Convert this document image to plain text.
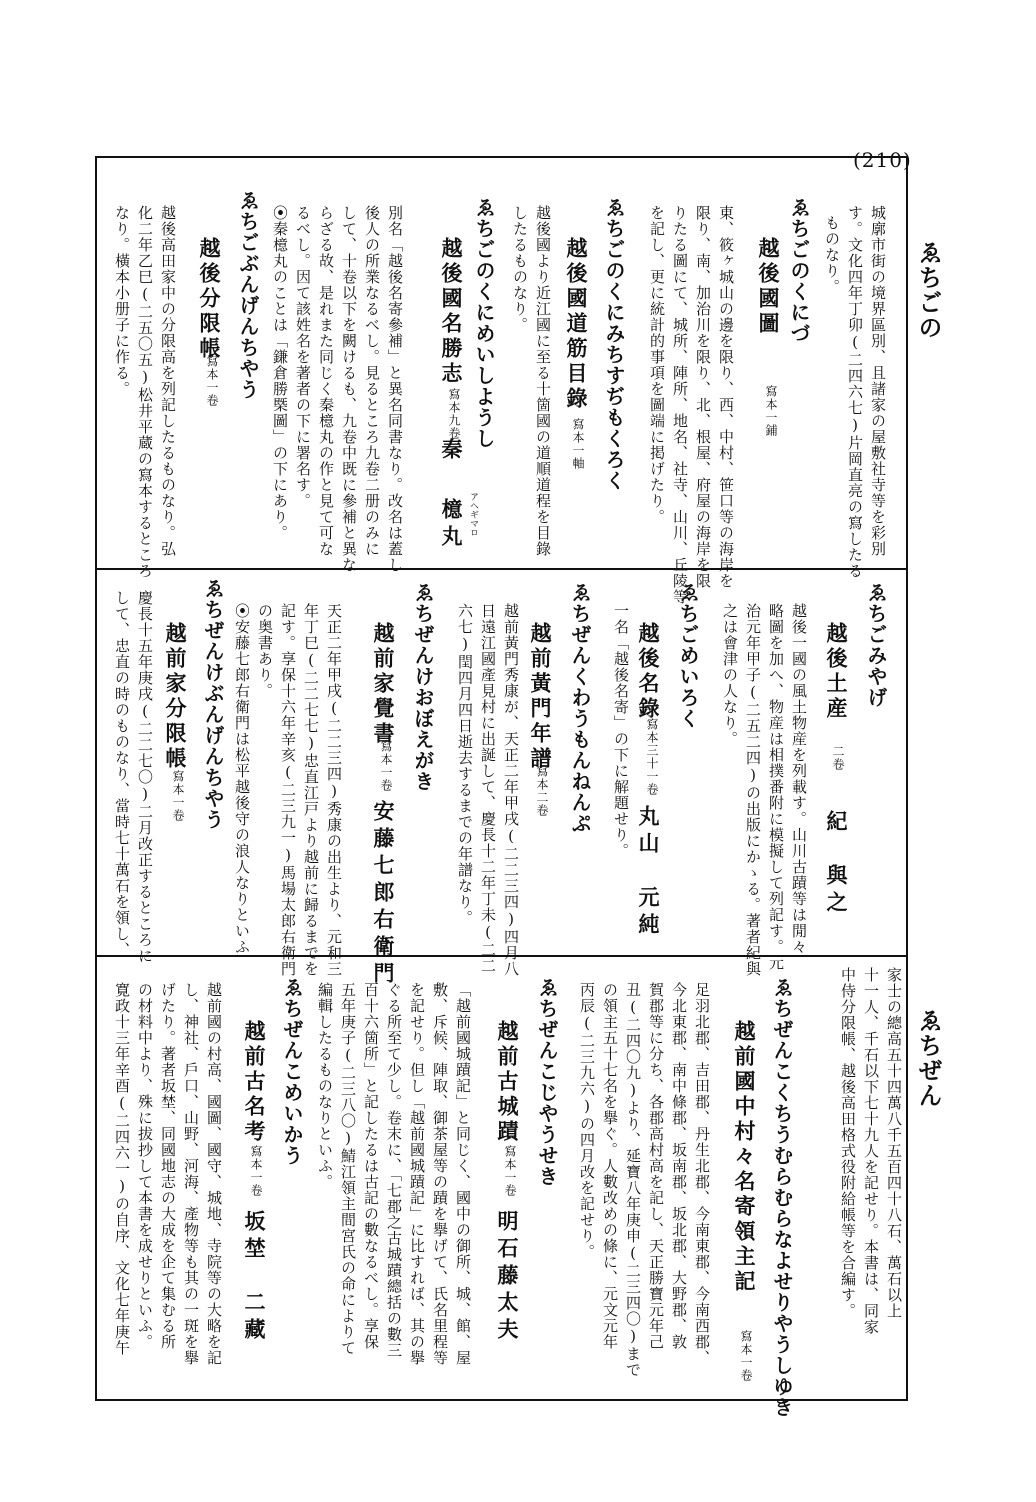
(210)
ゑちごの
ゑちぜん
城廓市街の境界區別、且諸家の屋敷社寺等を彩別
す。文化四年丁卯(二四六七)片岡直亮の寫したる
ものなり。
ゑちごのくにづ
越後國圖
寫本一鋪
東、筱ヶ城山の邊を限り、西、中村、笹口等の海岸を
限り、南、加治川を限り、北、根屋、府屋の海岸を限
りたる圖にて、城所、陣所、地名、社寺、山川、丘陵等
を記し、更に統計的事項を圖端に掲げたり。
ゑちごのくにみちすぢもくろく
越後國道筋目錄
寫本一軸
越後國より近江國に至る十箇國の道順道程を目錄
したるものなり。
ゑちごのくにめいしようし
越後國名勝志
寫本九卷
秦
檍丸 アヘギマロ
別名「越後名寄參補」と異名同書なり。改名は蓋し
後人の所業なるべし。見るところ九卷二册のみに
して、十卷以下を闕けるも、九卷中既に參補と異な
らざる故、是れまた同じく秦檍丸の作と見て可な
るべし。因て該姓名を著者の下に署名す。
⦿秦檍丸のことは「鎌倉勝槩圖」の下にあり。
ゑちごぶんげんちやう
越後分限帳
寫本一卷
越後高田家中の分限高を列記したるものなり。弘
化二年乙巳(二五〇五)松井平蔵の寫本するところ
なり。橫本小册子に作る。
ゑちごみやげ
越後土産
二卷
紀　與之
越後一國の風土物産を列載す。山川古蹟等は閒々
略圖を加へ、物産は相撲番附に模擬して列記す。元
治元年甲子(二五二四)の出版にかゝる。著者紀與
之は會津の人なり。
ゑちごめいろく
越後名錄
寫本三十一卷
丸山　元純
一名「越後名寄」の下に解題せり。
ゑちぜんくわうもんねんぷ
越前黃門年譜
寫本二卷
越前黃門秀康が、天正二年甲戌(二二三四)四月八
日遠江國產見村に出誕して、慶長十二年丁未(二二
六七)閏四月四日逝去するまでの年譜なり。
ゑちぜんけおぼえがき
越前家覺書
寫本一卷
安藤七郎右衛門
天正二年甲戌(二二三四)秀康の出生より、元和三
年丁巳(二二七七)忠直江戸より越前に歸るまでを
記す。享保十六年辛亥(二三九一)馬場太郎右衛門
の奥書あり。
⦿安藤七郎右衛門は松平越後守の浪人なりといふ
ゑちぜんけぶんげんちやう
越前家分限帳
寫本一卷
慶長十五年庚戌(二二七〇)二月改正するところに
して、忠直の時のものなり、當時七十萬石を領し、
家士の總高五十四萬八千五百四十八石、萬石以上
十一人、千石以下七十九人を記せり。本書は、同家
中侍分限帳、越後高田格式役附給帳等を合編す。
ゑちぜんこくちうむらむらなよせりやうしゆき
越前國中村々名寄領主記
寫本一卷
足羽北郡、吉田郡、丹生北郡、今南東郡、今南西郡、
今北東郡、南中條郡、坂南郡、坂北郡、大野郡、敦
賀郡等に分ち、各郡高村高を記し、天正勝寶元年己
丑(二四〇九)より、延寶八年庚申(二三四〇)まで
の領主五十七名を擧ぐ。人數改めの條に、元文元年
丙辰(二三九六)の四月改を記せり。
ゑちぜんこじやうせき
越前古城蹟
寫本一卷
明石藤太夫
「越前國城蹟記」と同じく、國中の御所、城、館、屋
敷、斥候、陣取、御茶屋等の蹟を擧げて、氏名里程等
を記せり。但し「越前國城蹟記」に比すれば、其の擧
ぐる所至て少し。卷末に、「七郡之古城蹟總括の數三
百十六箇所」と記したるは古記の數なるべし。享保
五年庚子(二三八〇)鯖江領主間宮氏の命によりて
編輯したるものなりといふ。
ゑちぜんこめいかう
越前古名考
寫本一卷
坂埜　二藏
越前國の村高、國圖、國守、城地、寺院等の大略を記
し、神社、戶口、山野、河海、產物等も其の一斑を擧
げたり。著者坂埜、同國地志の大成を企て集むる所
の材料中より、殊に拔抄して本書を成せりといふ。
寛政十三年辛酉(二四六一)の自序、文化七年庚午
